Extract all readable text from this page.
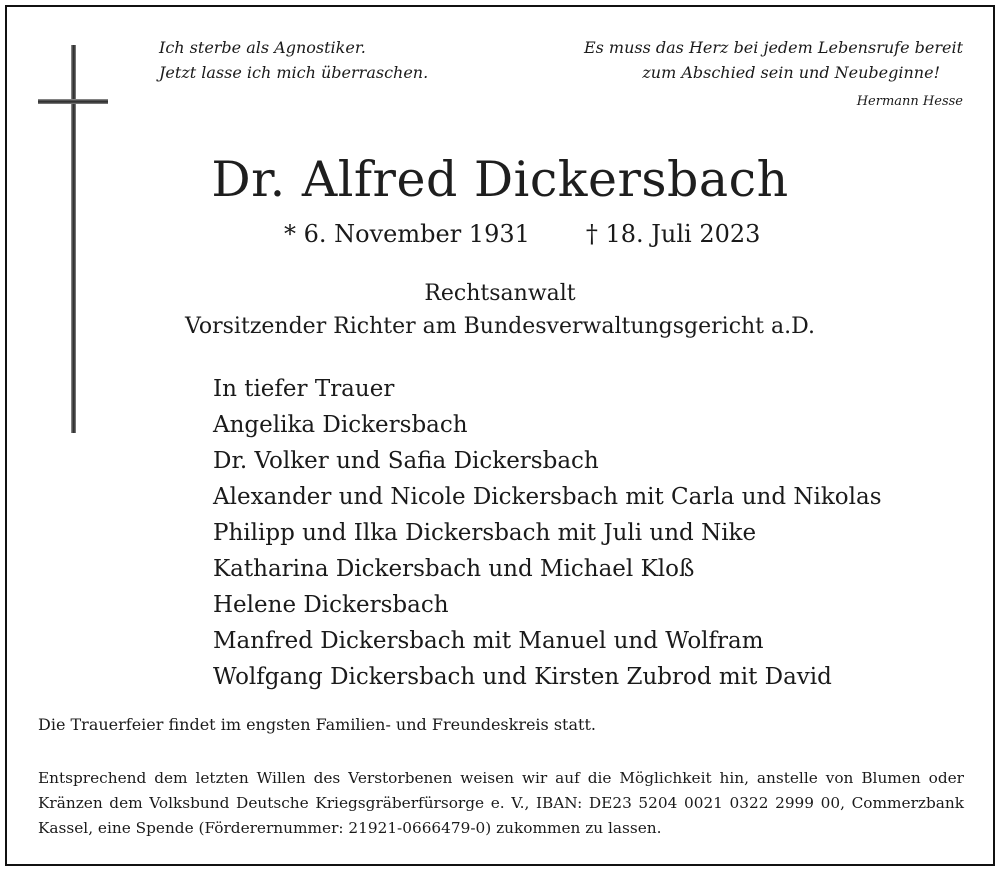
Ich sterbe als Agnostiker.
Jetzt lasse ich mich überraschen.
Es muss das Herz bei jedem Lebensrufe bereit
zum Abschied sein und Neubeginne!
Hermann Hesse
Dr. Alfred Dickersbach
* 6. November 1931 † 18. Juli 2023
Rechtsanwalt
Vorsitzender Richter am Bundesverwaltungsgericht a.D.
In tiefer Trauer
Angelika Dickersbach
Dr. Volker und Safia Dickersbach
Alexander und Nicole Dickersbach mit Carla und Nikolas
Philipp und Ilka Dickersbach mit Juli und Nike
Katharina Dickersbach und Michael Kloß
Helene Dickersbach
Manfred Dickersbach mit Manuel und Wolfram
Wolfgang Dickersbach und Kirsten Zubrod mit David
Die Trauerfeier findet im engsten Familien- und Freundeskreis statt.
Entsprechend dem letzten Willen des Verstorbenen weisen wir auf die Möglichkeit hin, anstelle von Blumen oder Kränzen dem Volksbund Deutsche Kriegsgräberfürsorge e. V., IBAN: DE23 5204 0021 0322 2999 00, Commerzbank Kassel, eine Spende (Förderernummer: 21921-0666479-0) zukommen zu lassen.
